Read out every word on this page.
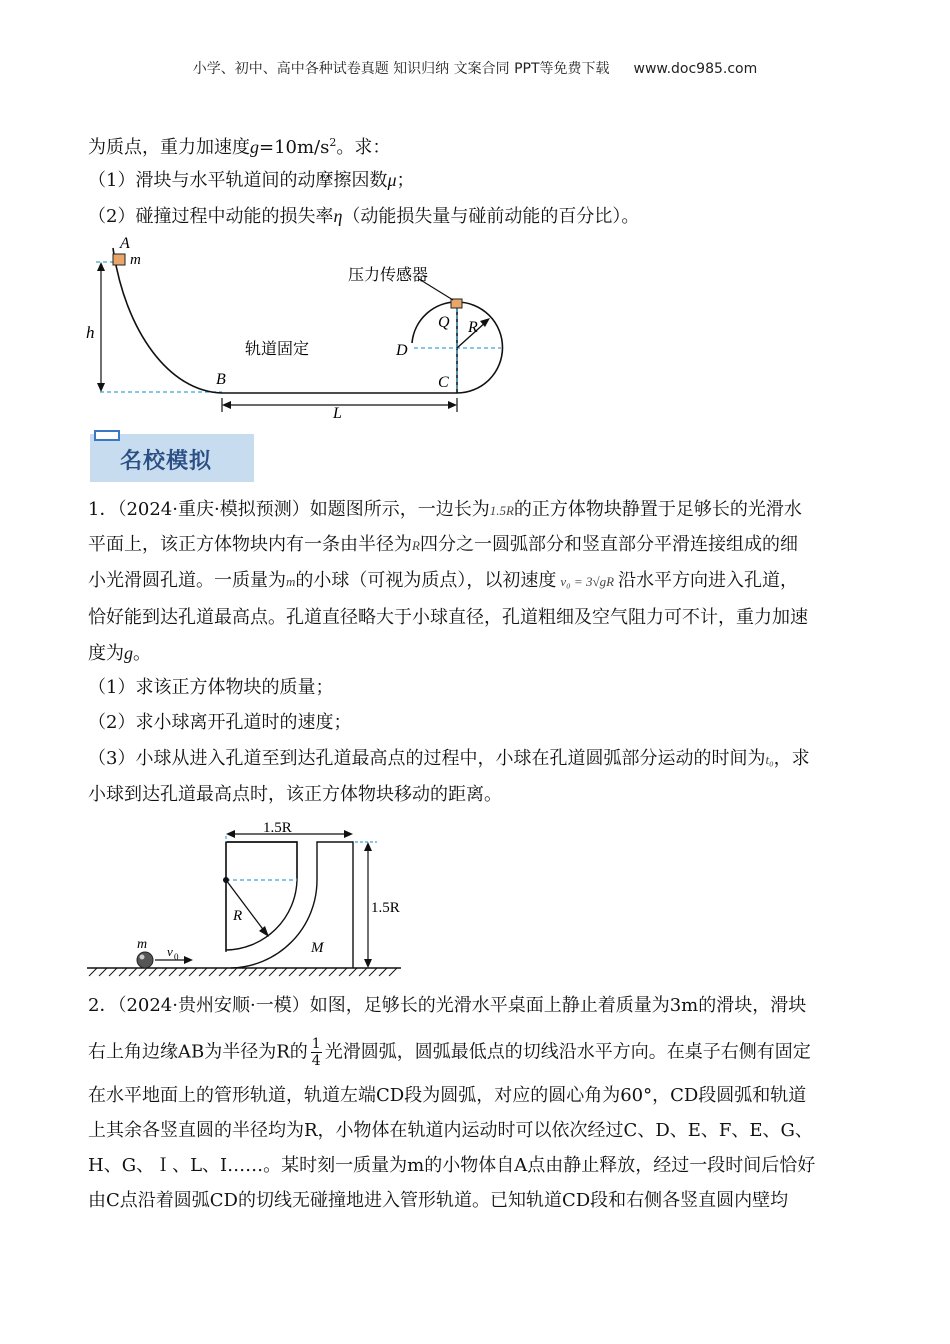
小学、初中、高中各种试卷真题 知识归纳 文案合同 PPT等免费下载 www.doc985.com
为质点，重力加速度$g=10m/s^2$。求：
（1）滑块与水平轨道间的动摩擦因数μ；
（2）碰撞过程中动能的损失率η（动能损失量与碰前动能的百分比）。
h
A
m
B	C
L
D
Q R
轨道固定
压力传感器
名校模拟
1．（2024·重庆·模拟预测）如题图所示，一边长为1.5R的正方体物块静置于足够长的光滑水
平面上，该正方体物块内有一条由半径为R四分之一圆弧部分和竖直部分平滑连接组成的细
小光滑圆孔道。一质量为m的小球（可视为质点），以初速度 v₀ = 3√gR 沿水平方向进入孔道，
恰好能到达孔道最高点。孔道直径略大于小球直径，孔道粗细及空气阻力可不计，重力加速
度为g。
（1）求该正方体物块的质量；
（2）求小球离开孔道时的速度；
（3）小球从进入孔道至到达孔道最高点的过程中，小球在孔道圆弧部分运动的时间为t₀，求
小球到达孔道最高点时，该正方体物块移动的距离。
1.5R
1.5R
R
M
m v 0
2．（2024·贵州安顺·一模）如图，足够长的光滑水平桌面上静止着质量为3m的滑块，滑块
右上角边缘AB为半径为R的 $\frac{1}{4}$ 光滑圆弧，圆弧最低点的切线沿水平方向。在桌子右侧有固定
在水平地面上的管形轨道，轨道左端CD段为圆弧，对应的圆心角为60°，CD段圆弧和轨道
上其余各竖直圆的半径均为R，小物体在轨道内运动时可以依次经过C、D、E、F、E、G、
H、G、Ｉ、L、I……。某时刻一质量为m的小物体自A点由静止释放，经过一段时间后恰好
由C点沿着圆弧CD的切线无碰撞地进入管形轨道。已知轨道CD段和右侧各竖直圆内壁均
